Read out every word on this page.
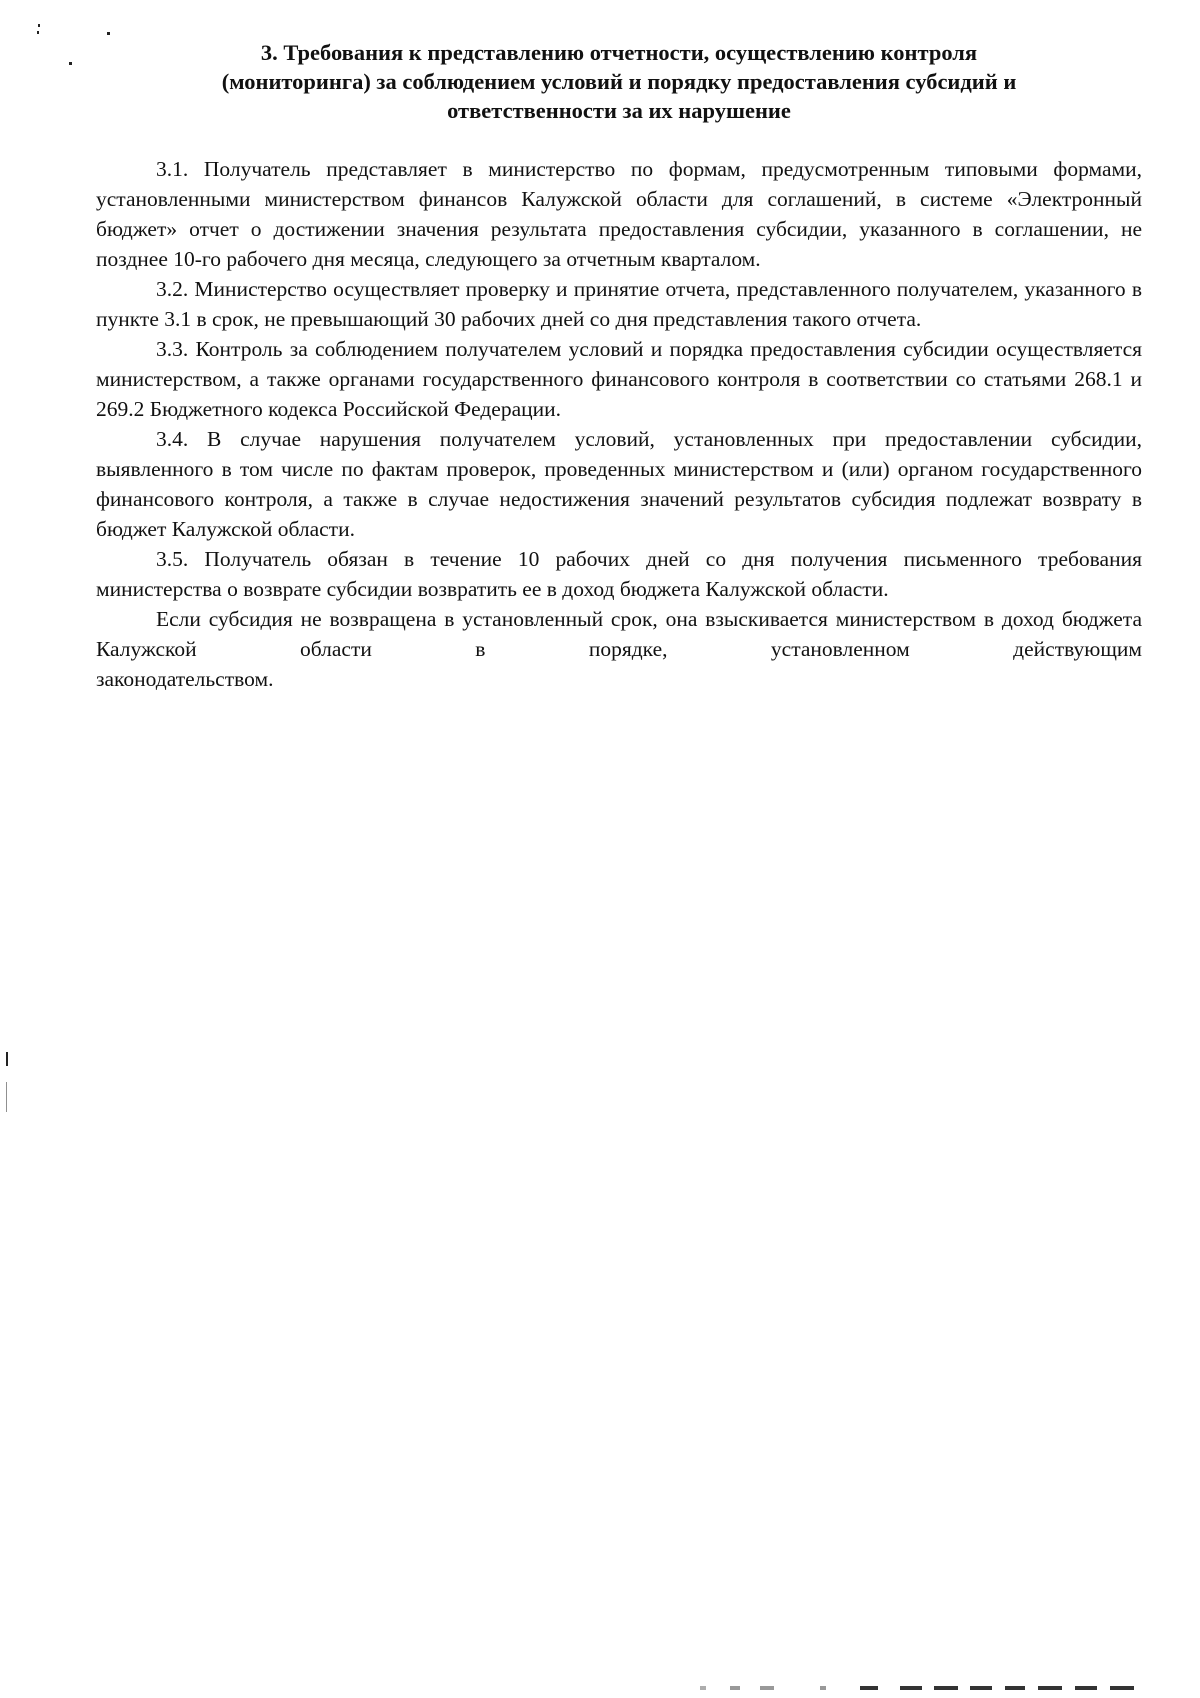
3. Требования к представлению отчетности, осуществлению контроля
(мониторинга) за соблюдением условий и порядку предоставления субсидий и
ответственности за их нарушение

3.1. Получатель представляет в министерство по формам, предусмотренным типовыми формами, установленными министерством финансов Калужской области для соглашений, в системе «Электронный бюджет» отчет о достижении значения результата предоставления субсидии, указанного в соглашении, не позднее 10-го рабочего дня месяца, следующего за отчетным кварталом.

3.2. Министерство осуществляет проверку и принятие отчета, представленного получателем, указанного в пункте 3.1 в срок, не превышающий 30 рабочих дней со дня представления такого отчета.

3.3. Контроль за соблюдением получателем условий и порядка предоставления субсидии осуществляется министерством, а также органами государственного финансового контроля в соответствии со статьями 268.1 и 269.2 Бюджетного кодекса Российской Федерации.

3.4. В случае нарушения получателем условий, установленных при предоставлении субсидии, выявленного в том числе по фактам проверок, проведенных министерством и (или) органом государственного финансового контроля, а также в случае недостижения значений результатов субсидия подлежат возврату в бюджет Калужской области.

3.5. Получатель обязан в течение 10 рабочих дней со дня получения письменного требования министерства о возврате субсидии возвратить ее в доход бюджета Калужской области.

Если субсидия не возвращена в установленный срок, она взыскивается министерством в доход бюджета Калужской области в порядке, установленном действующим
законодательством.
